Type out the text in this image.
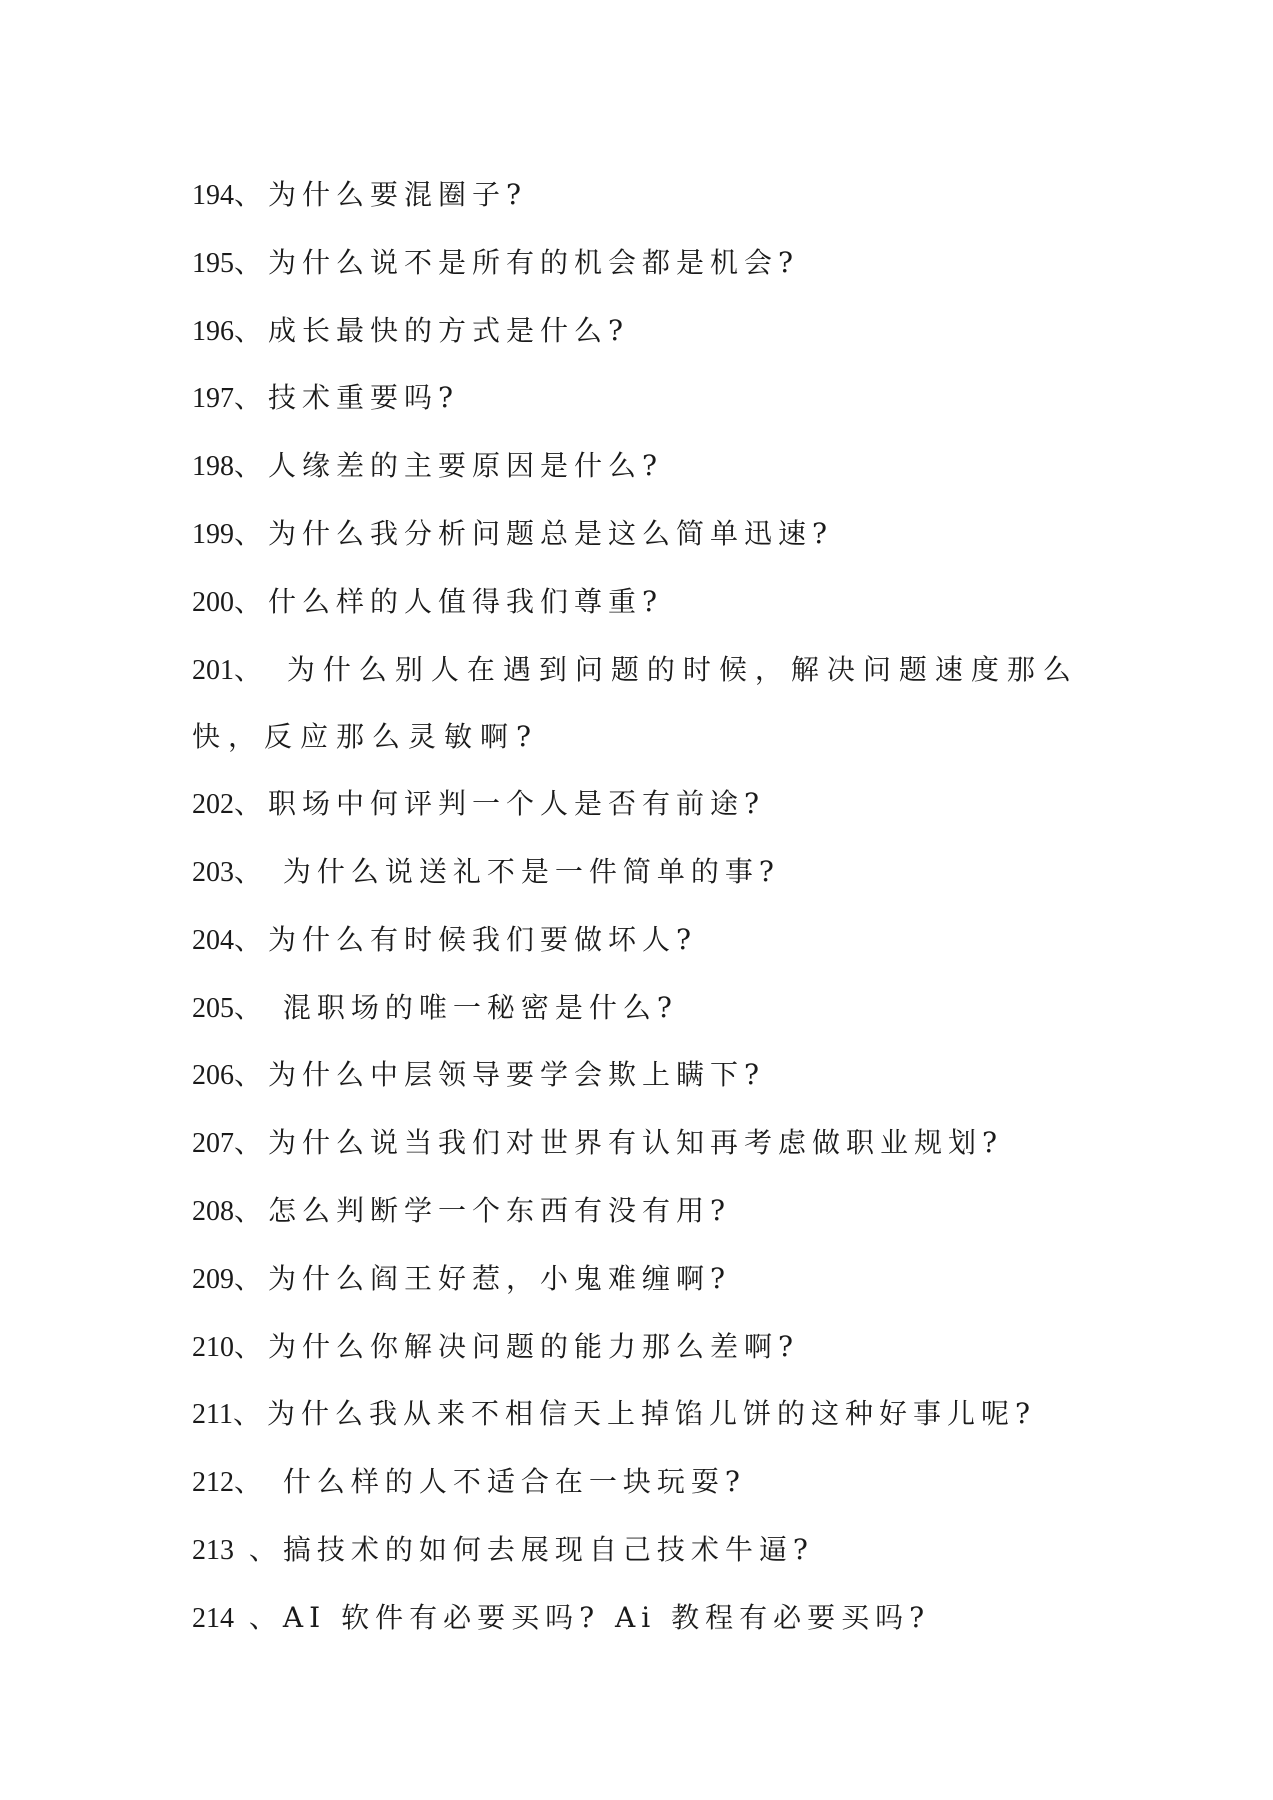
194、为什么要混圈子?
195、为什么说不是所有的机会都是机会?
196、成长最快的方式是什么?
197、技术重要吗?
198、人缘差的主要原因是什么?
199、为什么我分析问题总是这么简单迅速?
200、什么样的人值得我们尊重?
201、 为什么别人在遇到问题的时候，解决问题速度那么快，反应那么灵敏啊?
202、职场中何评判一个人是否有前途?
203、 为什么说送礼不是一件简单的事?
204、为什么有时候我们要做坏人?
205、 混职场的唯一秘密是什么?
206、为什么中层领导要学会欺上瞒下?
207、为什么说当我们对世界有认知再考虑做职业规划?
208、怎么判断学一个东西有没有用?
209、为什么阎王好惹，小鬼难缠啊?
210、为什么你解决问题的能力那么差啊?
211、为什么我从来不相信天上掉馅儿饼的这种好事儿呢?
212、 什么样的人不适合在一块玩耍?
213 、搞技术的如何去展现自己技术牛逼?
214 、AI 软件有必要买吗? Ai 教程有必要买吗?
